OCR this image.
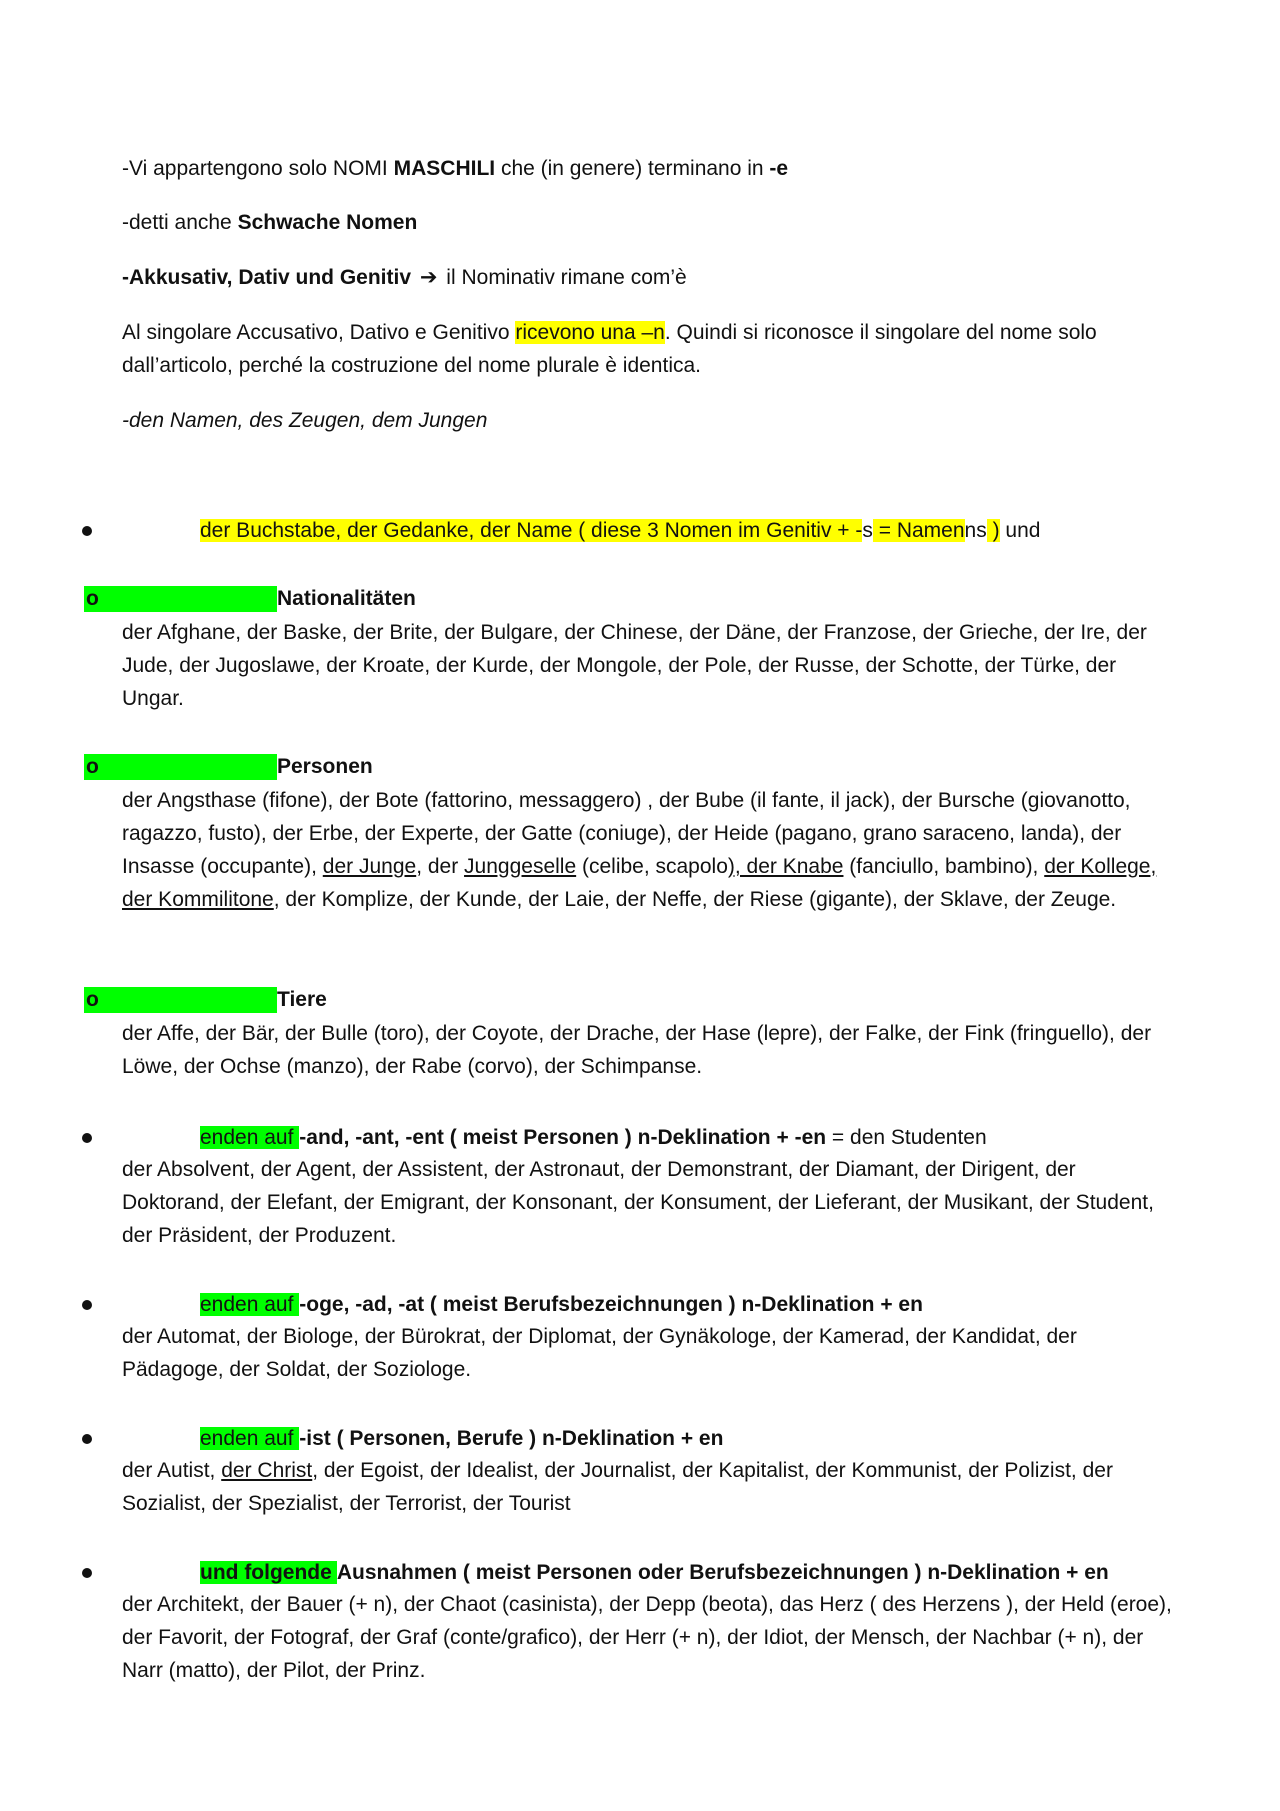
-Vi appartengono solo NOMI MASCHILI che (in genere) terminano in -e
-detti anche Schwache Nomen
-Akkusativ, Dativ und Genitiv ➔ il Nominativ rimane com’è
Al singolare Accusativo, Dativo e Genitivo ricevono una –n. Quindi si riconosce il singolare del nome solo dall’articolo, perché la costruzione del nome plurale è identica.
-den Namen, des Zeugen, dem Jungen
der Buchstabe, der Gedanke, der Name ( diese 3 Nomen im Genitiv + -s = Namenns ) und
o	Nationalitäten
der Afghane, der Baske, der Brite, der Bulgare, der Chinese, der Däne, der Franzose, der Grieche, der Ire, der Jude, der Jugoslawe, der Kroate, der Kurde, der Mongole, der Pole, der Russe, der Schotte, der Türke, der Ungar.
o	Personen
der Angsthase (fifone), der Bote (fattorino, messaggero) , der Bube (il fante, il jack), der Bursche (giovanotto, ragazzo, fusto), der Erbe, der Experte, der Gatte (coniuge), der Heide (pagano, grano saraceno, landa), der Insasse (occupante), der Junge, der Junggeselle (celibe, scapolo), der Knabe (fanciullo, bambino), der Kollege, der Kommilitone, der Komplize, der Kunde, der Laie, der Neffe, der Riese (gigante), der Sklave, der Zeuge.
o	Tiere
der Affe, der Bär, der Bulle (toro), der Coyote, der Drache, der Hase (lepre), der Falke, der Fink (fringuello), der Löwe, der Ochse (manzo), der Rabe (corvo), der Schimpanse.
enden auf -and, -ant, -ent ( meist Personen ) n-Deklination + -en = den Studenten
der Absolvent, der Agent, der Assistent, der Astronaut, der Demonstrant, der Diamant, der Dirigent, der Doktorand, der Elefant, der Emigrant, der Konsonant, der Konsument, der Lieferant, der Musikant, der Student, der Präsident, der Produzent.
enden auf -oge, -ad, -at ( meist Berufsbezeichnungen ) n-Deklination + en
der Automat, der Biologe, der Bürokrat, der Diplomat, der Gynäkologe, der Kamerad, der Kandidat, der Pädagoge, der Soldat, der Soziologe.
enden auf -ist ( Personen, Berufe ) n-Deklination + en
der Autist, der Christ, der Egoist, der Idealist, der Journalist, der Kapitalist, der Kommunist, der Polizist, der Sozialist, der Spezialist, der Terrorist, der Tourist
und folgende Ausnahmen ( meist Personen oder Berufsbezeichnungen ) n-Deklination + en
der Architekt, der Bauer (+ n), der Chaot (casinista), der Depp (beota), das Herz ( des Herzens ), der Held (eroe), der Favorit, der Fotograf, der Graf (conte/grafico), der Herr (+ n), der Idiot, der Mensch, der Nachbar (+ n), der Narr (matto), der Pilot, der Prinz.
